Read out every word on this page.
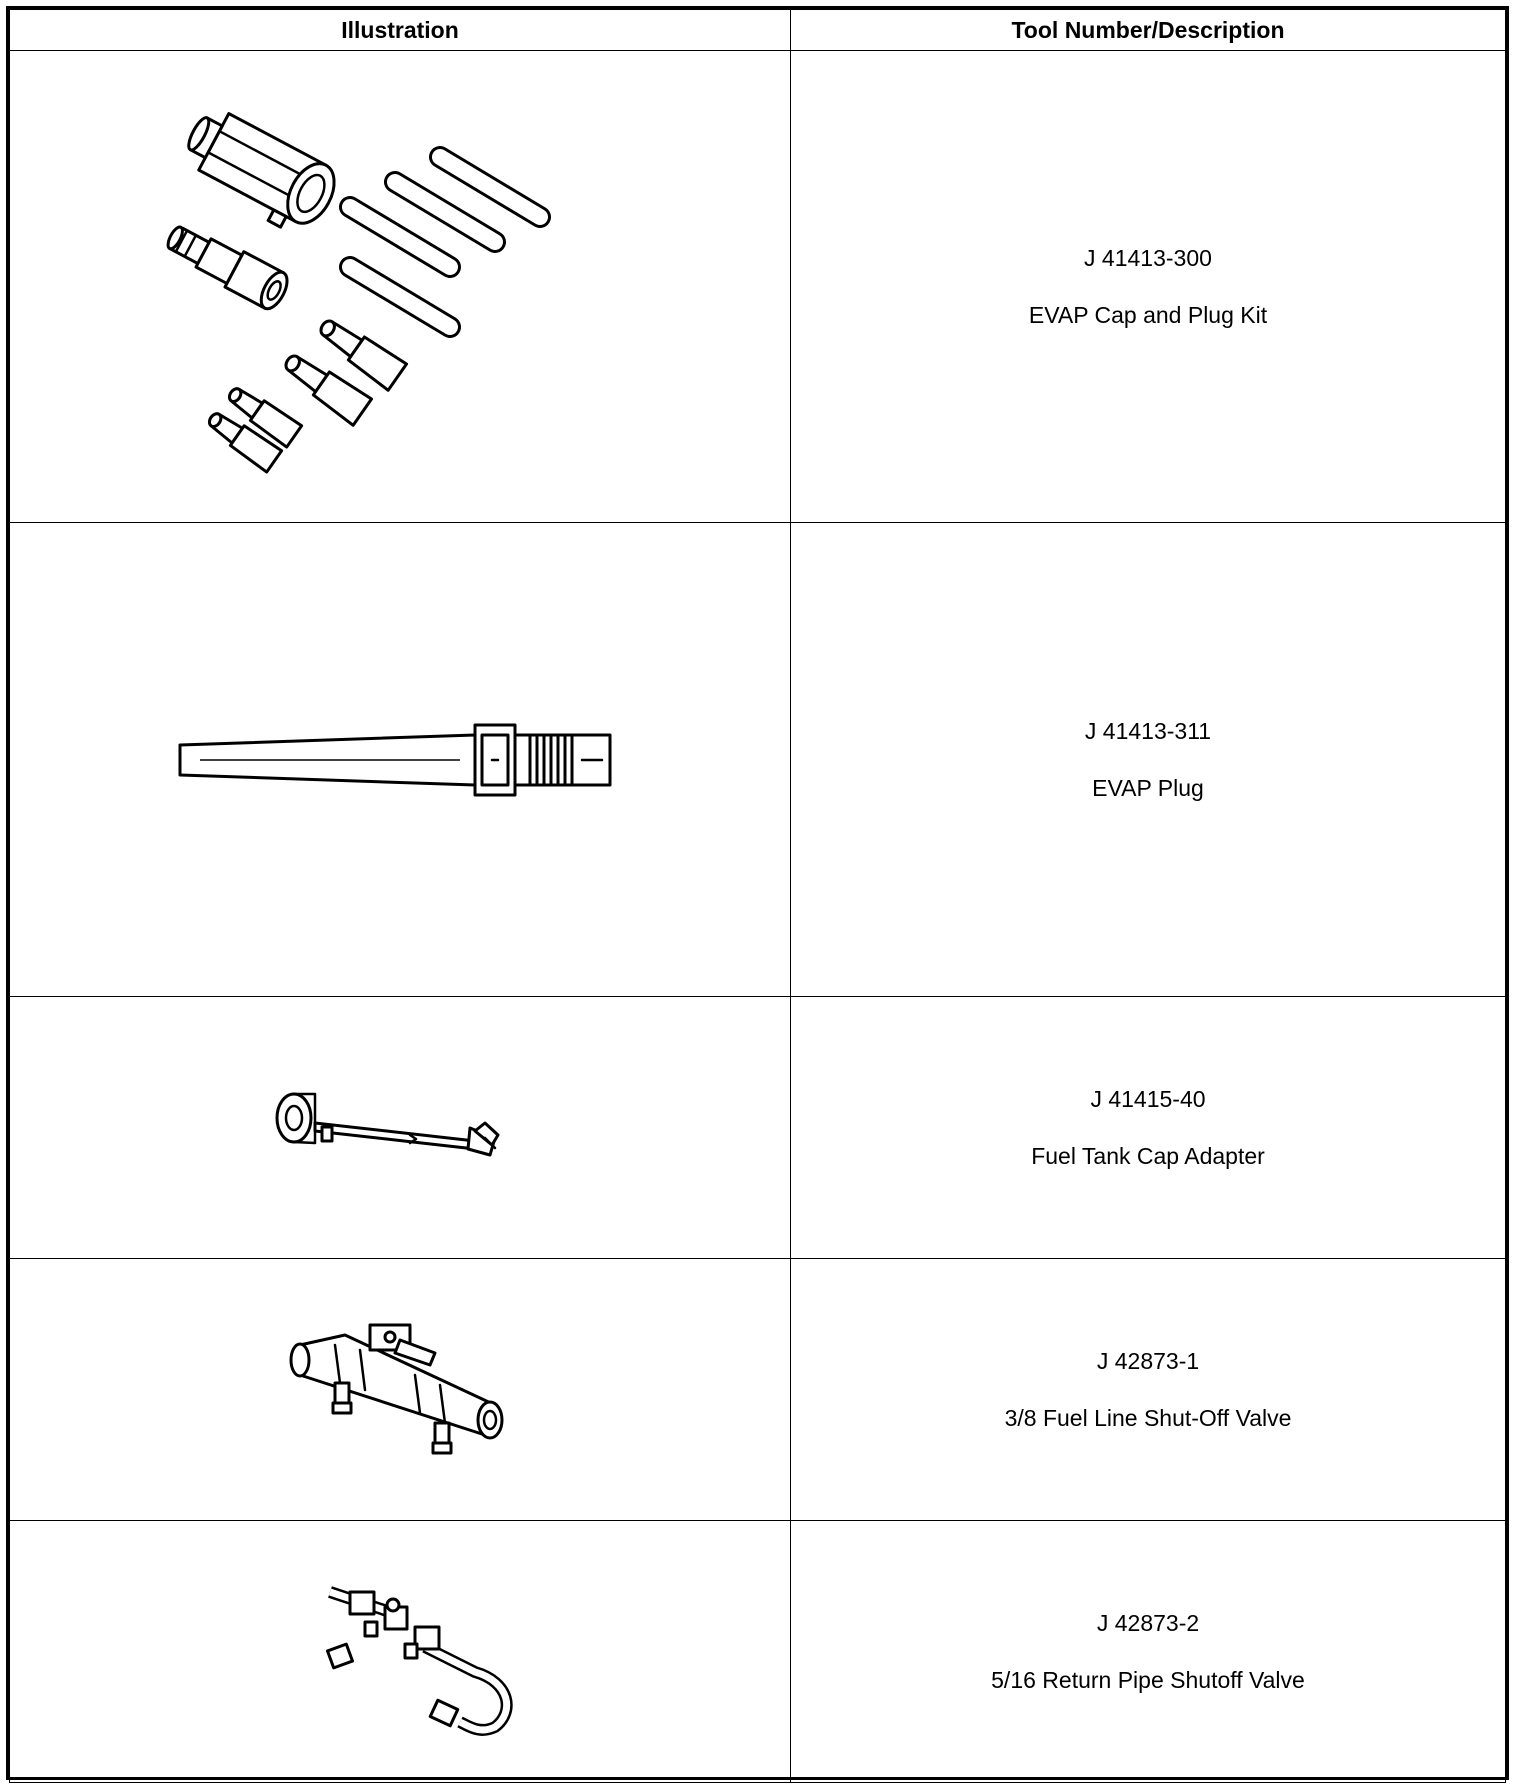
Illustration	Tool Number/Description

J 41413-300
EVAP Cap and Plug Kit

J 41413-311
EVAP Plug

J 41415-40
Fuel Tank Cap Adapter

J 42873-1
3/8 Fuel Line Shut-Off Valve

J 42873-2
5/16 Return Pipe Shutoff Valve
